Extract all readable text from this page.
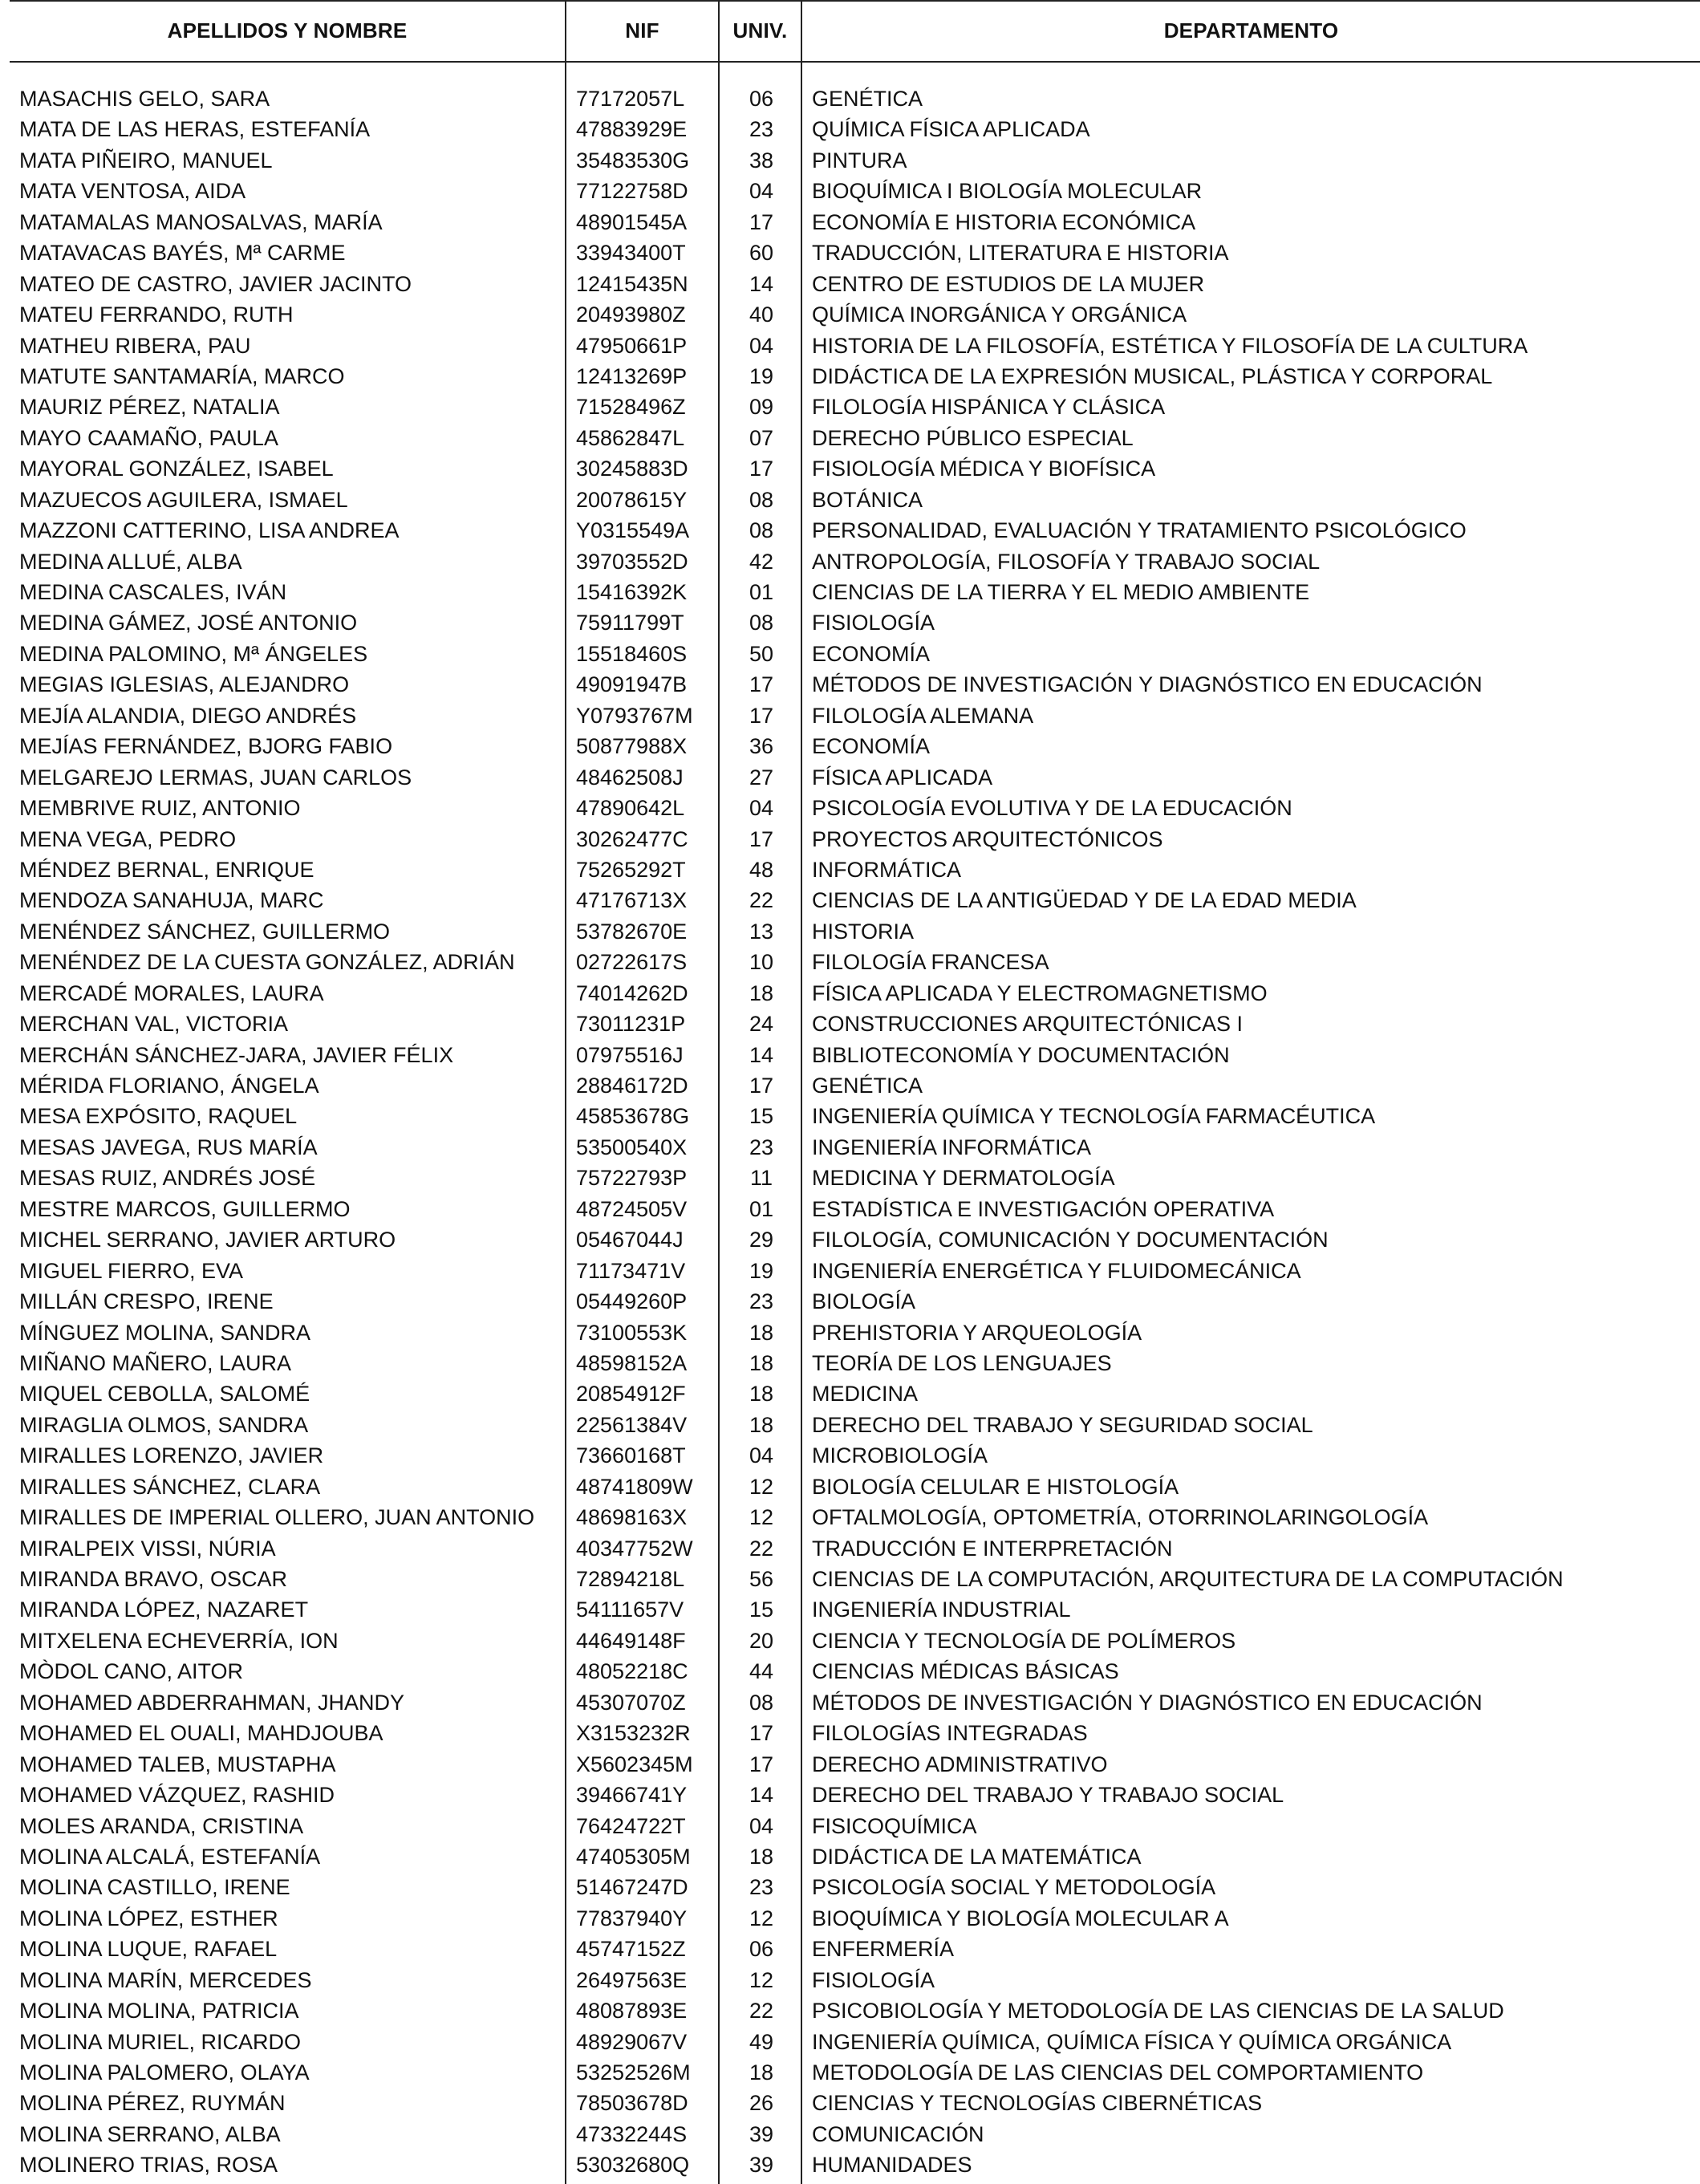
APELLIDOS Y NOMBRE	NIF	UNIV.	DEPARTAMENTO
MASACHIS GELO, SARA	77172057L	06	GENÉTICA
MATA DE LAS HERAS, ESTEFANÍA	47883929E	23	QUÍMICA FÍSICA APLICADA
MATA PIÑEIRO, MANUEL	35483530G	38	PINTURA
MATA VENTOSA, AIDA	77122758D	04	BIOQUÍMICA I BIOLOGÍA MOLECULAR
MATAMALAS MANOSALVAS, MARÍA	48901545A	17	ECONOMÍA E HISTORIA ECONÓMICA
MATAVACAS BAYÉS, Mª CARME	33943400T	60	TRADUCCIÓN, LITERATURA E HISTORIA
MATEO DE CASTRO, JAVIER JACINTO	12415435N	14	CENTRO DE ESTUDIOS DE LA MUJER
MATEU FERRANDO, RUTH	20493980Z	40	QUÍMICA INORGÁNICA Y ORGÁNICA
MATHEU RIBERA, PAU	47950661P	04	HISTORIA DE LA FILOSOFÍA, ESTÉTICA Y FILOSOFÍA DE LA CULTURA
MATUTE SANTAMARÍA, MARCO	12413269P	19	DIDÁCTICA DE LA EXPRESIÓN MUSICAL, PLÁSTICA Y CORPORAL
MAURIZ PÉREZ, NATALIA	71528496Z	09	FILOLOGÍA HISPÁNICA Y CLÁSICA
MAYO CAAMAÑO, PAULA	45862847L	07	DERECHO PÚBLICO ESPECIAL
MAYORAL GONZÁLEZ, ISABEL	30245883D	17	FISIOLOGÍA MÉDICA Y BIOFÍSICA
MAZUECOS AGUILERA, ISMAEL	20078615Y	08	BOTÁNICA
MAZZONI CATTERINO, LISA ANDREA	Y0315549A	08	PERSONALIDAD, EVALUACIÓN Y TRATAMIENTO PSICOLÓGICO
MEDINA ALLUÉ, ALBA	39703552D	42	ANTROPOLOGÍA, FILOSOFÍA Y TRABAJO SOCIAL
MEDINA CASCALES, IVÁN	15416392K	01	CIENCIAS DE LA TIERRA Y EL MEDIO AMBIENTE
MEDINA GÁMEZ, JOSÉ ANTONIO	75911799T	08	FISIOLOGÍA
MEDINA PALOMINO, Mª ÁNGELES	15518460S	50	ECONOMÍA
MEGIAS IGLESIAS, ALEJANDRO	49091947B	17	MÉTODOS DE INVESTIGACIÓN Y DIAGNÓSTICO EN EDUCACIÓN
MEJÍA ALANDIA, DIEGO ANDRÉS	Y0793767M	17	FILOLOGÍA ALEMANA
MEJÍAS FERNÁNDEZ, BJORG FABIO	50877988X	36	ECONOMÍA
MELGAREJO LERMAS, JUAN CARLOS	48462508J	27	FÍSICA APLICADA
MEMBRIVE RUIZ, ANTONIO	47890642L	04	PSICOLOGÍA EVOLUTIVA Y DE LA EDUCACIÓN
MENA VEGA, PEDRO	30262477C	17	PROYECTOS ARQUITECTÓNICOS
MÉNDEZ BERNAL, ENRIQUE	75265292T	48	INFORMÁTICA
MENDOZA SANAHUJA, MARC	47176713X	22	CIENCIAS DE LA ANTIGÜEDAD Y DE LA EDAD MEDIA
MENÉNDEZ SÁNCHEZ, GUILLERMO	53782670E	13	HISTORIA
MENÉNDEZ DE LA CUESTA GONZÁLEZ, ADRIÁN	02722617S	10	FILOLOGÍA FRANCESA
MERCADÉ MORALES, LAURA	74014262D	18	FÍSICA APLICADA Y ELECTROMAGNETISMO
MERCHAN VAL, VICTORIA	73011231P	24	CONSTRUCCIONES ARQUITECTÓNICAS I
MERCHÁN SÁNCHEZ-JARA, JAVIER FÉLIX	07975516J	14	BIBLIOTECONOMÍA Y DOCUMENTACIÓN
MÉRIDA FLORIANO, ÁNGELA	28846172D	17	GENÉTICA
MESA EXPÓSITO, RAQUEL	45853678G	15	INGENIERÍA QUÍMICA Y TECNOLOGÍA FARMACÉUTICA
MESAS JAVEGA, RUS MARÍA	53500540X	23	INGENIERÍA INFORMÁTICA
MESAS RUIZ, ANDRÉS JOSÉ	75722793P	11	MEDICINA Y DERMATOLOGÍA
MESTRE MARCOS, GUILLERMO	48724505V	01	ESTADÍSTICA E INVESTIGACIÓN OPERATIVA
MICHEL SERRANO, JAVIER ARTURO	05467044J	29	FILOLOGÍA, COMUNICACIÓN Y DOCUMENTACIÓN
MIGUEL FIERRO, EVA	71173471V	19	INGENIERÍA ENERGÉTICA Y FLUIDOMECÁNICA
MILLÁN CRESPO, IRENE	05449260P	23	BIOLOGÍA
MÍNGUEZ MOLINA, SANDRA	73100553K	18	PREHISTORIA Y ARQUEOLOGÍA
MIÑANO MAÑERO, LAURA	48598152A	18	TEORÍA DE LOS LENGUAJES
MIQUEL CEBOLLA, SALOMÉ	20854912F	18	MEDICINA
MIRAGLIA OLMOS, SANDRA	22561384V	18	DERECHO DEL TRABAJO Y SEGURIDAD SOCIAL
MIRALLES LORENZO, JAVIER	73660168T	04	MICROBIOLOGÍA
MIRALLES SÁNCHEZ, CLARA	48741809W	12	BIOLOGÍA CELULAR E HISTOLOGÍA
MIRALLES DE IMPERIAL OLLERO, JUAN ANTONIO 48698163X	12	OFTALMOLOGÍA, OPTOMETRÍA, OTORRINOLARINGOLOGÍA
MIRALPEIX VISSI, NÚRIA	40347752W	22	TRADUCCIÓN E INTERPRETACIÓN
MIRANDA BRAVO, OSCAR	72894218L	56	CIENCIAS DE LA COMPUTACIÓN, ARQUITECTURA DE LA COMPUTACIÓN
MIRANDA LÓPEZ, NAZARET	54111657V	15	INGENIERÍA INDUSTRIAL
MITXELENA ECHEVERRÍA, ION	44649148F	20	CIENCIA Y TECNOLOGÍA DE POLÍMEROS
MÒDOL CANO, AITOR	48052218C	44	CIENCIAS MÉDICAS BÁSICAS
MOHAMED ABDERRAHMAN, JHANDY	45307070Z	08	MÉTODOS DE INVESTIGACIÓN Y DIAGNÓSTICO EN EDUCACIÓN
MOHAMED EL OUALI, MAHDJOUBA	X3153232R	17	FILOLOGÍAS INTEGRADAS
MOHAMED TALEB, MUSTAPHA	X5602345M	17	DERECHO ADMINISTRATIVO
MOHAMED VÁZQUEZ, RASHID	39466741Y	14	DERECHO DEL TRABAJO Y TRABAJO SOCIAL
MOLES ARANDA, CRISTINA	76424722T	04	FISICOQUÍMICA
MOLINA ALCALÁ, ESTEFANÍA	47405305M	18	DIDÁCTICA DE LA MATEMÁTICA
MOLINA CASTILLO, IRENE	51467247D	23	PSICOLOGÍA SOCIAL Y METODOLOGÍA
MOLINA LÓPEZ, ESTHER	77837940Y	12	BIOQUÍMICA Y BIOLOGÍA MOLECULAR A
MOLINA LUQUE, RAFAEL	45747152Z	06	ENFERMERÍA
MOLINA MARÍN, MERCEDES	26497563E	12	FISIOLOGÍA
MOLINA MOLINA, PATRICIA	48087893E	22	PSICOBIOLOGÍA Y METODOLOGÍA DE LAS CIENCIAS DE LA SALUD
MOLINA MURIEL, RICARDO	48929067V	49	INGENIERÍA QUÍMICA, QUÍMICA FÍSICA Y QUÍMICA ORGÁNICA
MOLINA PALOMERO, OLAYA	53252526M	18	METODOLOGÍA DE LAS CIENCIAS DEL COMPORTAMIENTO
MOLINA PÉREZ, RUYMÁN	78503678D	26	CIENCIAS Y TECNOLOGÍAS CIBERNÉTICAS
MOLINA SERRANO, ALBA	47332244S	39	COMUNICACIÓN
MOLINERO TRIAS, ROSA	53032680Q	39	HUMANIDADES
